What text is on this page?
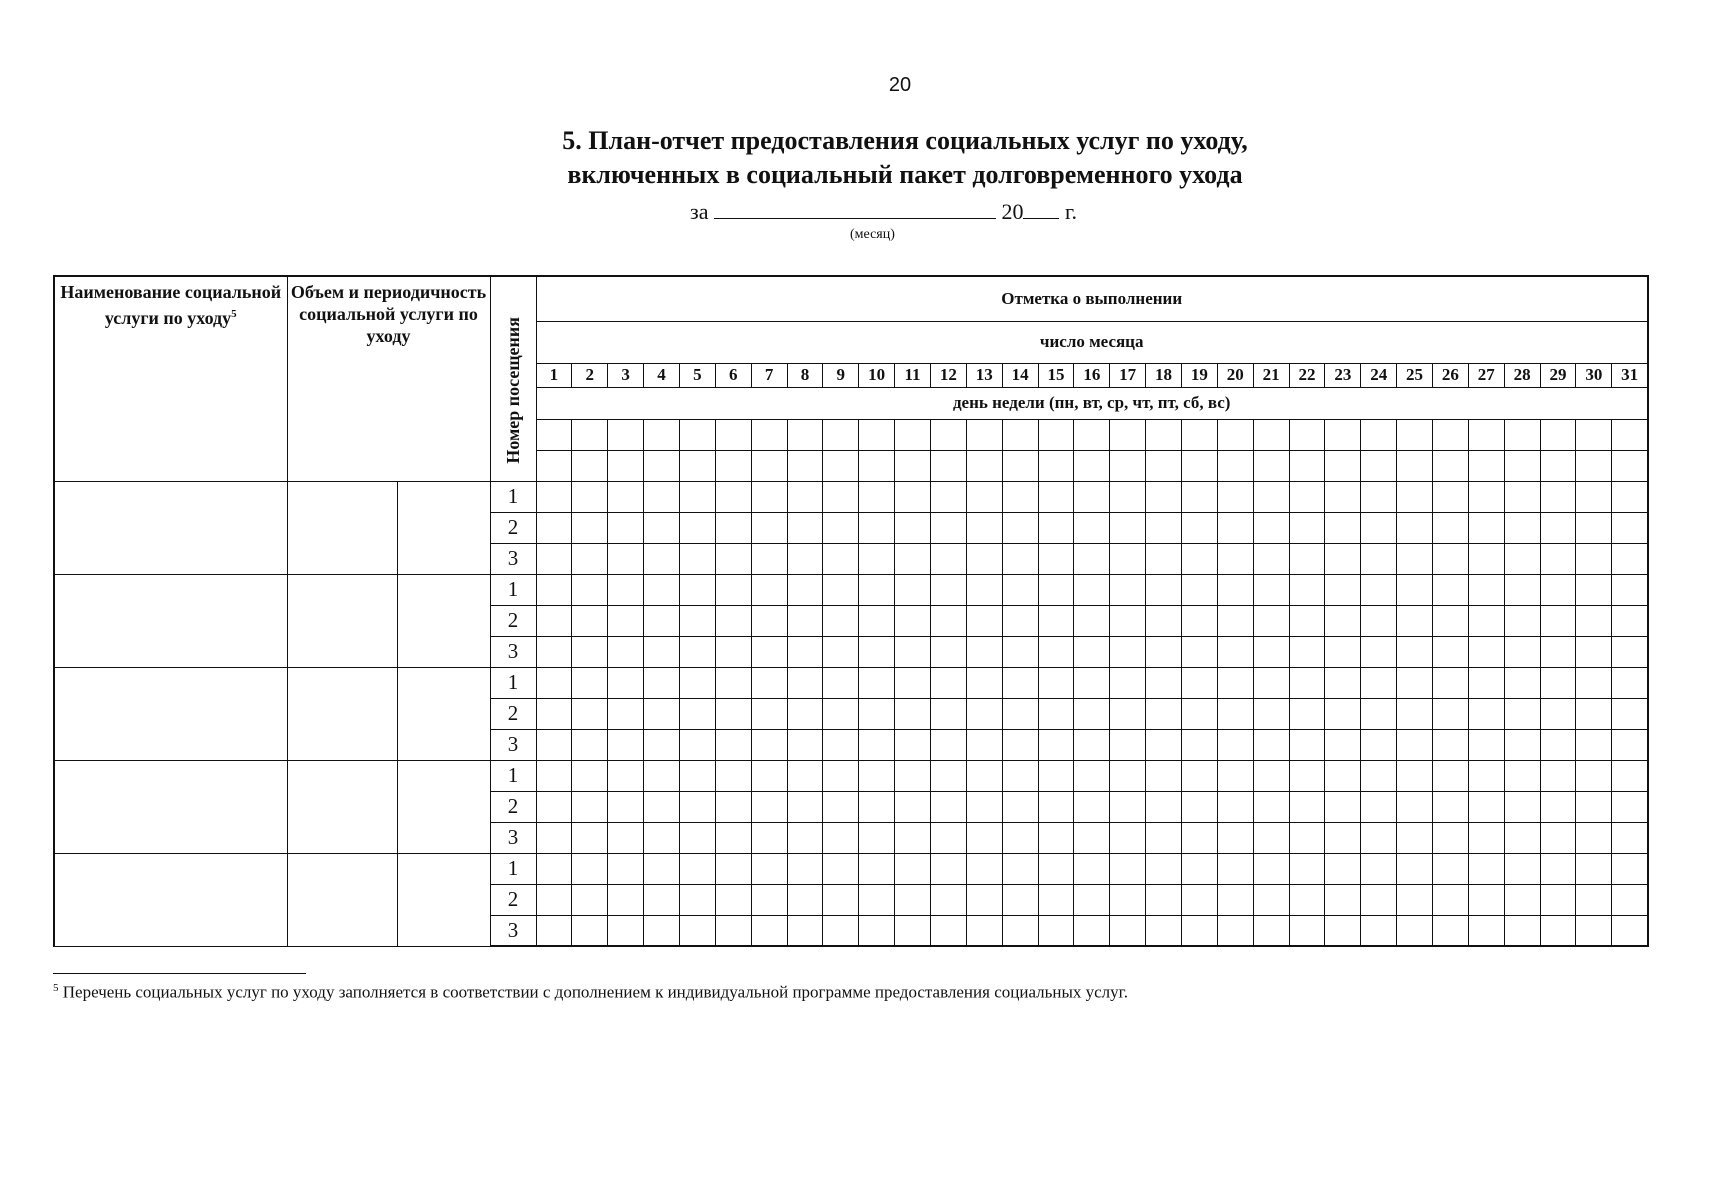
20
5. План-отчет предоставления социальных услуг по уходу,
включенных в социальный пакет долговременного ухода
за	20 г.
(месяц)
Наименование социальной услуги по уходу$^5$	Объем и периодичность социальной услуги по уходу		Номер посещения	Отметка о выполнении																														
				число месяца																														
				1	2	3	4	5	6	7	8	9	10	11	12	13	14	15	16	17	18	19	20	21	22	23	24	25	26	27	28	29	30	31
				день недели (пн, вт, ср, чт, пт, сб, вс)																														

			1																															
			2																															
			3																															
			1																															
			2																															
			3																															
			1																															
			2																															
			3																															
			1																															
			2																															
			3																															
			1																															
			2																															
			3																															
$^5$ Перечень социальных услуг по уходу заполняется в соответствии с дополнением к индивидуальной программе предоставления социальных услуг.
